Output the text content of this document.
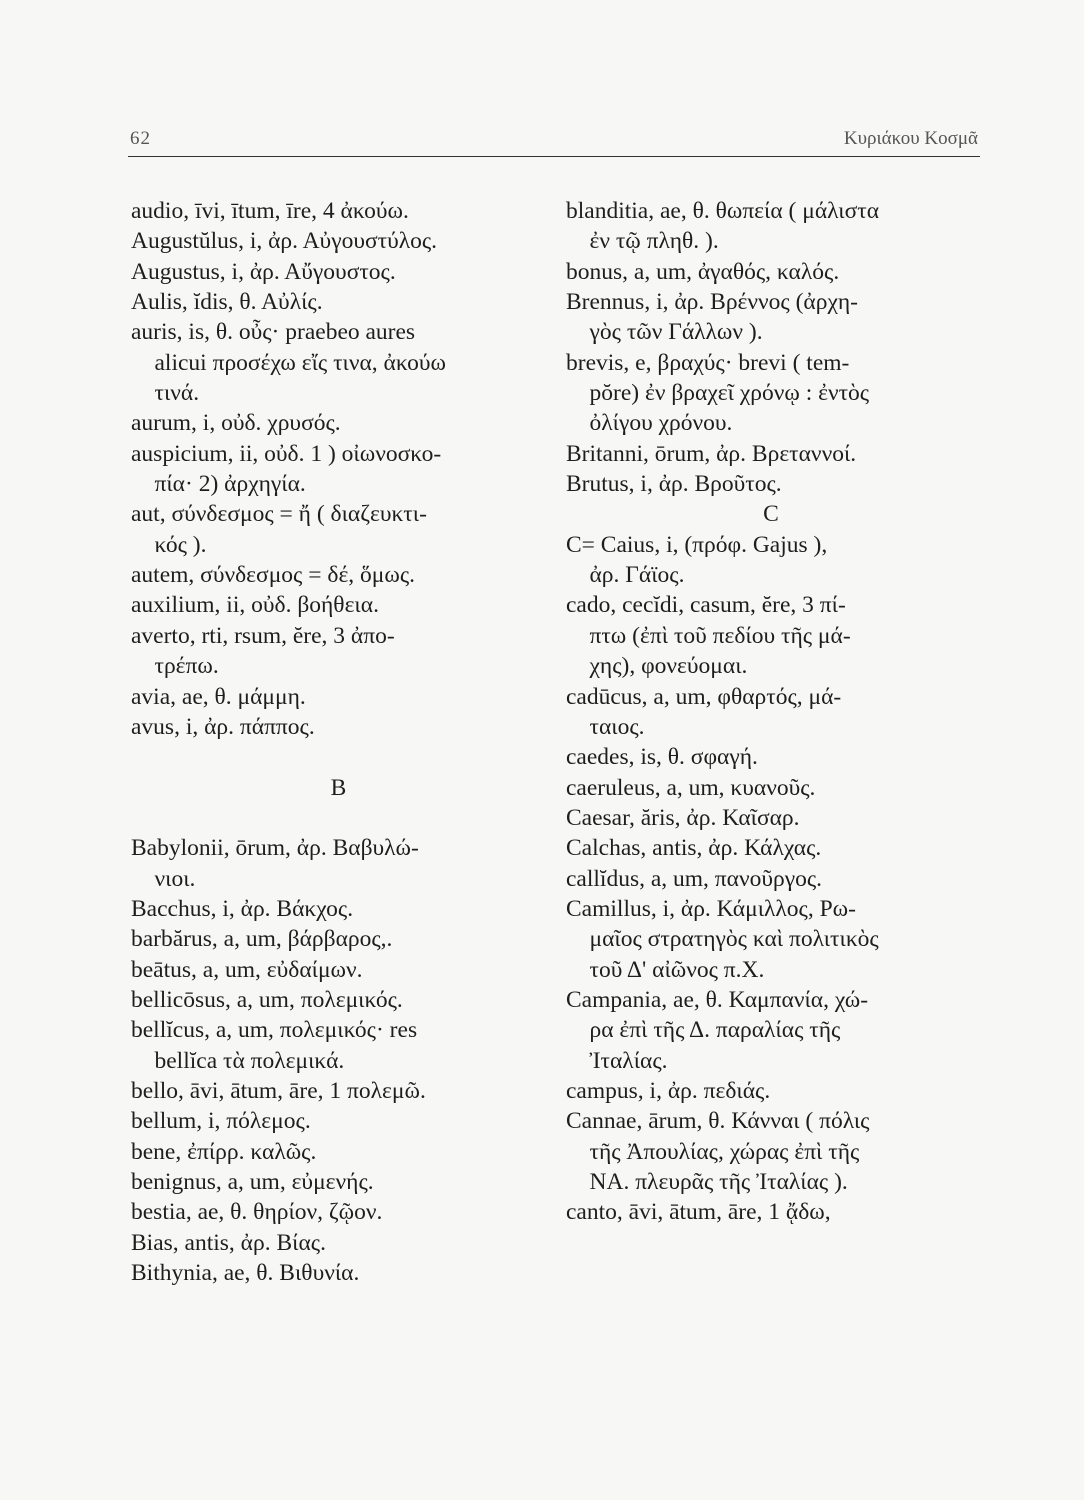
62	Κυριάκου Κοσμᾶ
audio, īvi, ītum, īre, 4 ἀκούω.
Augustŭlus, i, ἀρ. Αὐγουστύλος.
Augustus, i, ἀρ. Αὔγουστος.
Aulis, ĭdis, θ. Αὐλίς.
auris, is, θ. οὖς· praebeo aures
alicui προσέχω εἴς τινα, ἀκούω
τινά.
aurum, i, οὐδ. χρυσός.
auspicium, ii, οὐδ. 1 ) οἰωνοσκο-
πία· 2) ἀρχηγία.
aut, σύνδεσμος = ἤ ( διαζευκτι-
κός ).
autem, σύνδεσμος = δέ, ὅμως.
auxilium, ii, οὐδ. βοήθεια.
averto, rti, rsum, ĕre, 3 ἀπο-
τρέπω.
avia, ae, θ. μάμμη.
avus, i, ἀρ. πάππος.
B
Babylonii, ōrum, ἀρ. Βαβυλώ-
νιοι.
Bacchus, i, ἀρ. Βάκχος.
barbărus, a, um, βάρβαρος,.
beātus, a, um, εὐδαίμων.
bellicōsus, a, um, πολεμικός.
bellĭcus, a, um, πολεμικός· res
bellĭca τὰ πολεμικά.
bello, āvi, ātum, āre, 1 πολεμῶ.
bellum, i, πόλεμος.
bene, ἐπίρρ. καλῶς.
benignus, a, um, εὐμενής.
bestia, ae, θ. θηρίον, ζῷον.
Bias, antis, ἀρ. Βίας.
Bithynia, ae, θ. Βιθυνία.
blanditia, ae, θ. θωπεία ( μάλιστα
ἐν τῷ πληθ. ).
bonus, a, um, ἀγαθός, καλός.
Brennus, i, ἀρ. Βρέννος (ἀρχη-
γὸς τῶν Γάλλων ).
brevis, e, βραχύς· brevi ( tem-
pŏre) ἐν βραχεῖ χρόνῳ : ἐντὸς
ὀλίγου χρόνου.
Britanni, ōrum, ἀρ. Βρεταννοί.
Brutus, i, ἀρ. Βροῦτος.
C
C= Caius, i, (πρόφ. Gajus ),
ἀρ. Γάϊος.
cado, cecĭdi, casum, ĕre, 3 πί-
πτω (ἐπὶ τοῦ πεδίου τῆς μά-
χης), φονεύομαι.
cadūcus, a, um, φθαρτός, μά-
ταιος.
caedes, is, θ. σφαγή.
caeruleus, a, um, κυανοῦς.
Caesar, ăris, ἀρ. Καῖσαρ.
Calchas, antis, ἀρ. Κάλχας.
callĭdus, a, um, πανοῦργος.
Camillus, i, ἀρ. Κάμιλλος, Ρω-
μαῖος στρατηγὸς καὶ πολιτικὸς
τοῦ Δ' αἰῶνος π.Χ.
Campania, ae, θ. Καμπανία, χώ-
ρα ἐπὶ τῆς Δ. παραλίας τῆς
Ἰταλίας.
campus, i, ἀρ. πεδιάς.
Cannae, ārum, θ. Κάνναι ( πόλις
τῆς Ἀπουλίας, χώρας ἐπὶ τῆς
ΝΑ. πλευρᾶς τῆς Ἰταλίας ).
canto, āvi, ātum, āre, 1 ᾄδω,
